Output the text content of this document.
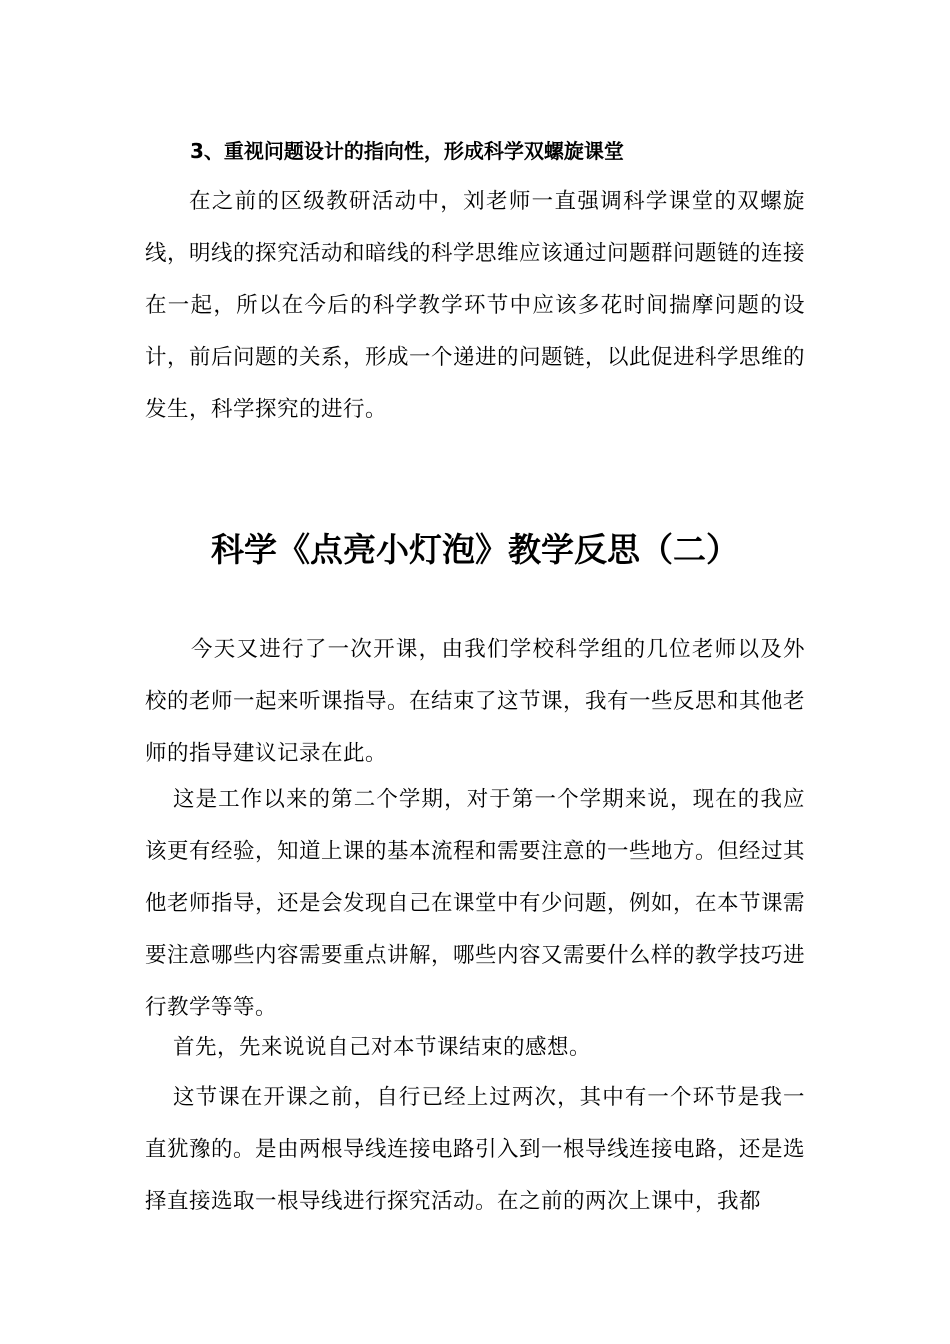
3、重视问题设计的指向性，形成科学双螺旋课堂

在之前的区级教研活动中，刘老师一直强调科学课堂的双螺旋线，明线的探究活动和暗线的科学思维应该通过问题群问题链的连接在一起，所以在今后的科学教学环节中应该多花时间揣摩问题的设计，前后问题的关系，形成一个递进的问题链，以此促进科学思维的发生，科学探究的进行。

科学《点亮小灯泡》教学反思（二）

今天又进行了一次开课，由我们学校科学组的几位老师以及外校的老师一起来听课指导。在结束了这节课，我有一些反思和其他老师的指导建议记录在此。

这是工作以来的第二个学期，对于第一个学期来说，现在的我应该更有经验，知道上课的基本流程和需要注意的一些地方。但经过其他老师指导，还是会发现自己在课堂中有少问题，例如，在本节课需要注意哪些内容需要重点讲解，哪些内容又需要什么样的教学技巧进行教学等等。

首先，先来说说自己对本节课结束的感想。

这节课在开课之前，自行已经上过两次，其中有一个环节是我一直犹豫的。是由两根导线连接电路引入到一根导线连接电路，还是选择直接选取一根导线进行探究活动。在之前的两次上课中，我都
